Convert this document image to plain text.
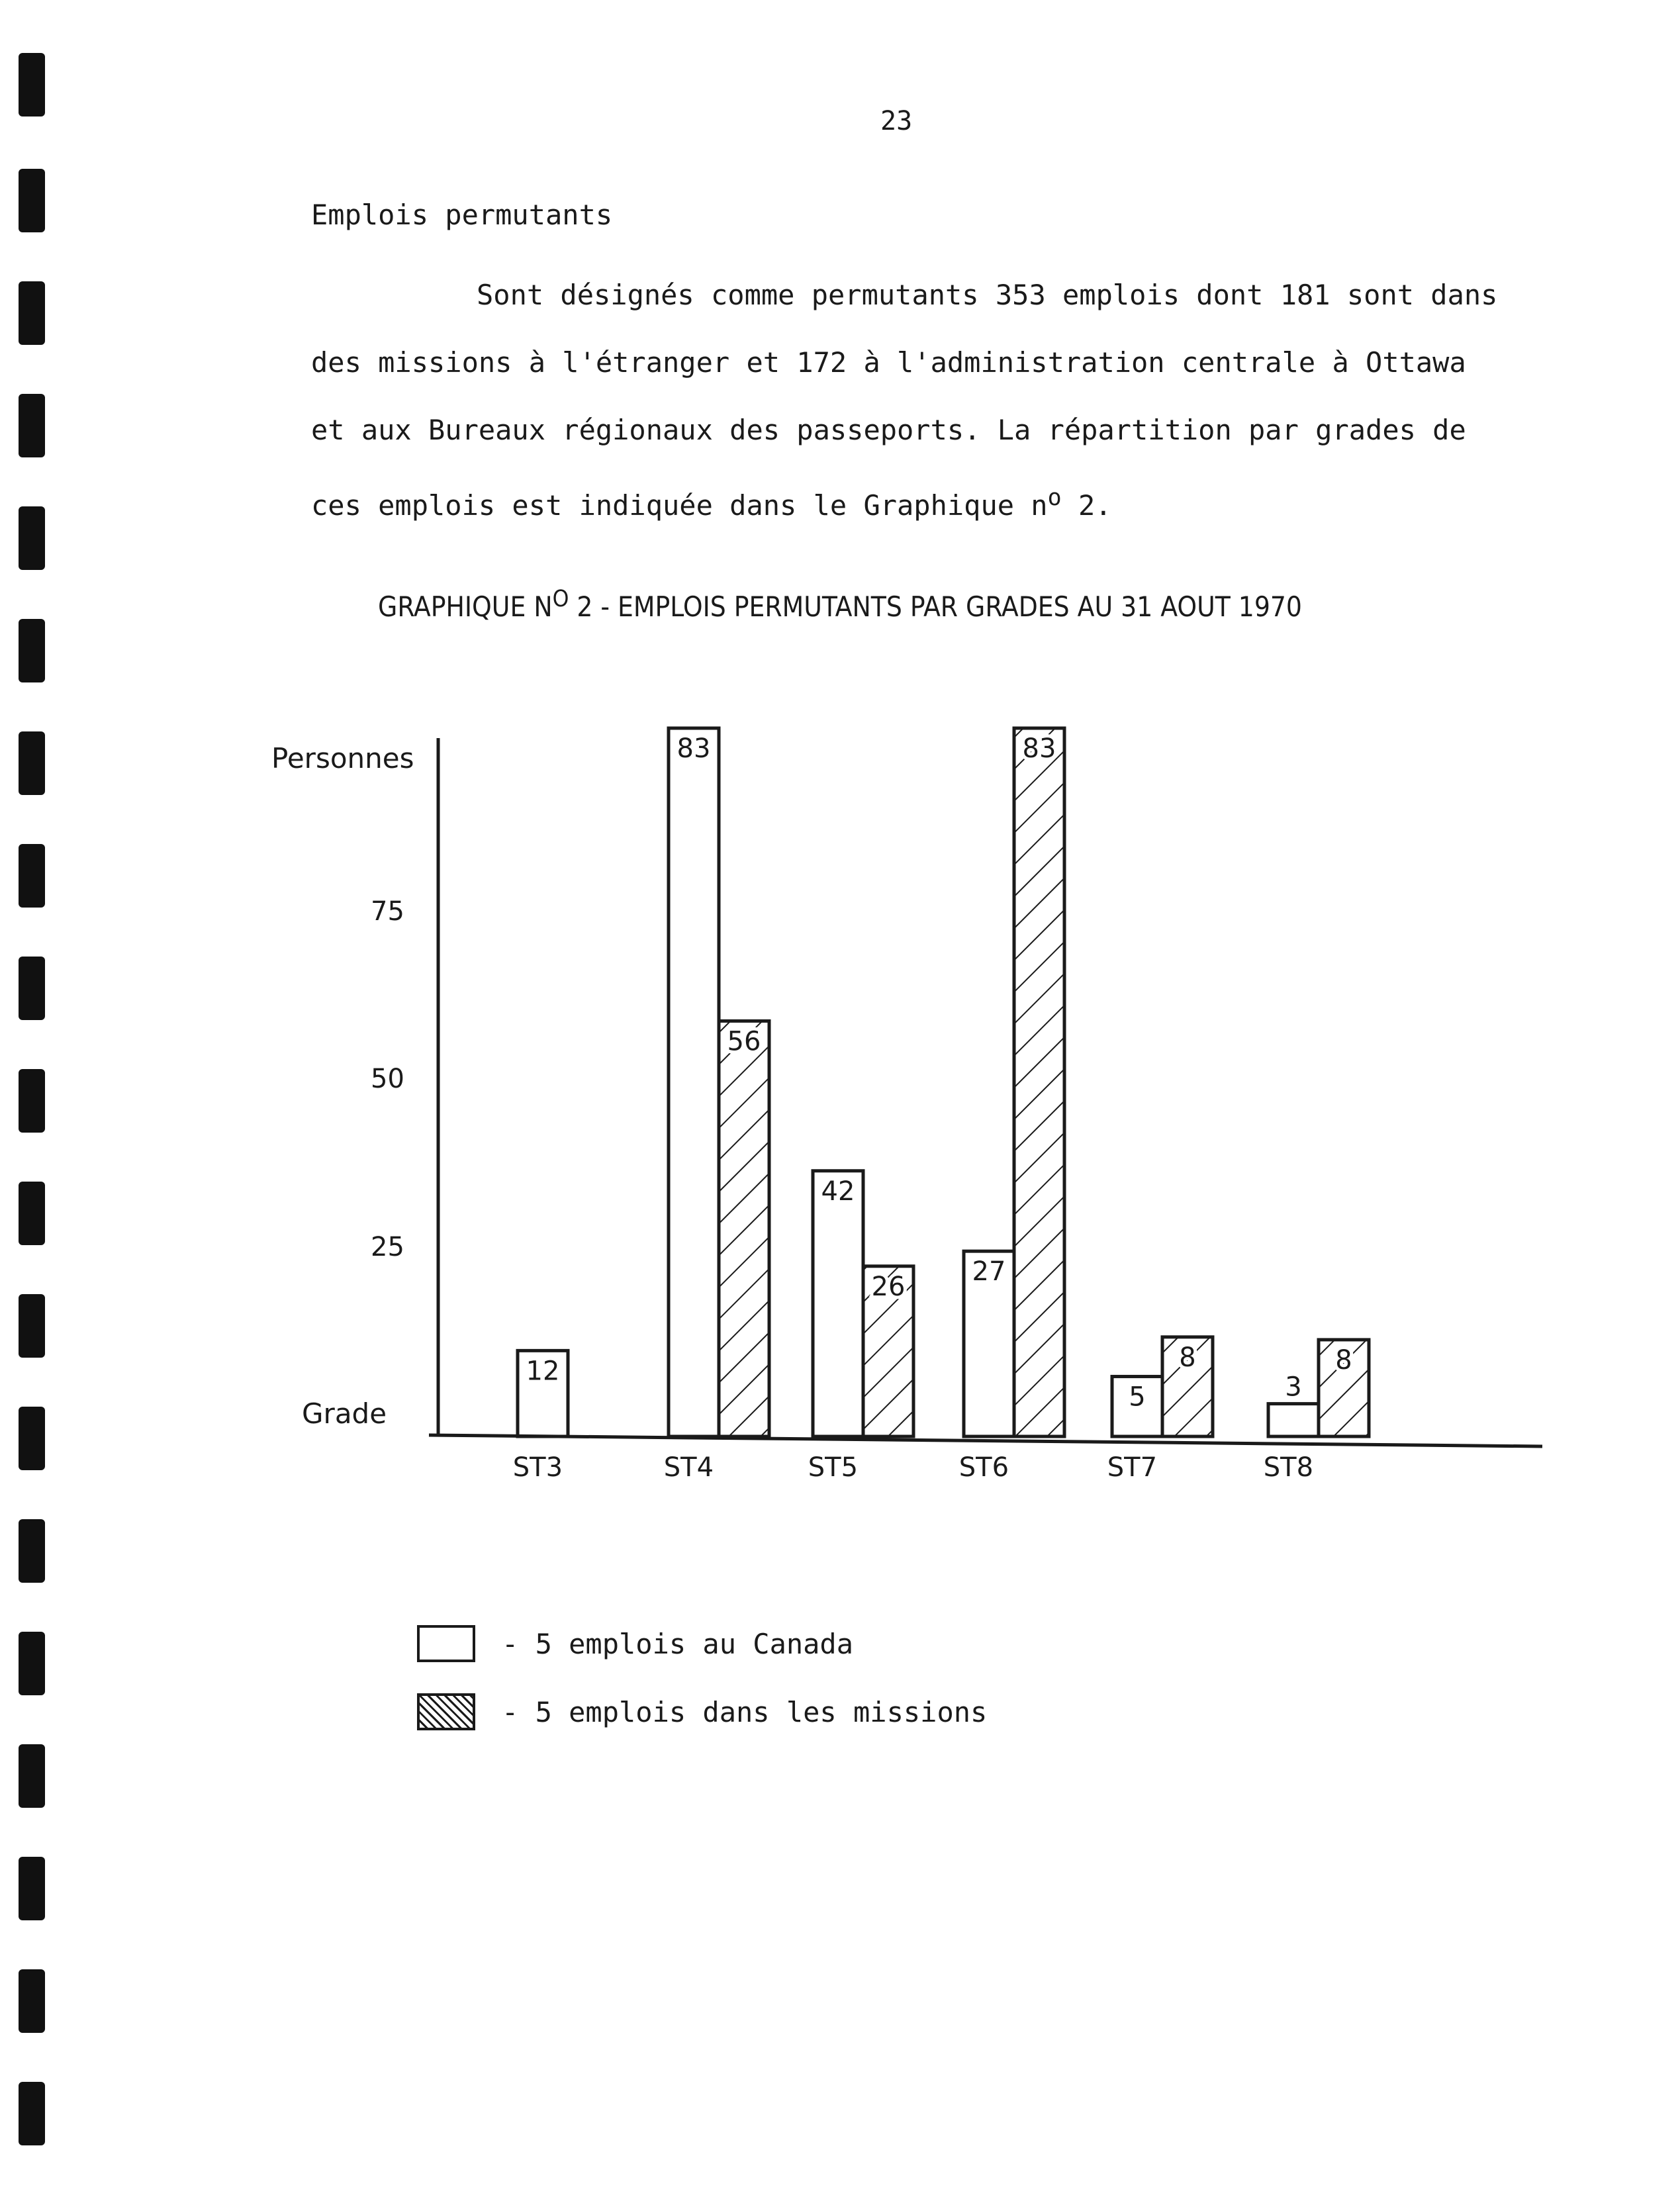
23
Emplois permutants

Sont désignés comme permutants 353 emplois dont 181 sont dans
des missions à l'étranger et 172 à l'administration centrale à Ottawa
et aux Bureaux régionaux des passeports. La répartition par grades de
ces emplois est indiquée dans le Graphique $n^o$ 2.

GRAPHIQUE $N^O$ 2 - EMPLOIS PERMUTANTS PAR GRADES AU 31 AOUT 1970
12
83
56
42
26	27
83
5
8
3
8
Personnes
Grade
75
50
25
ST3	ST4	ST5	ST6	ST7	ST8
- 5 emplois au Canada
- 5 emplois dans les missions
